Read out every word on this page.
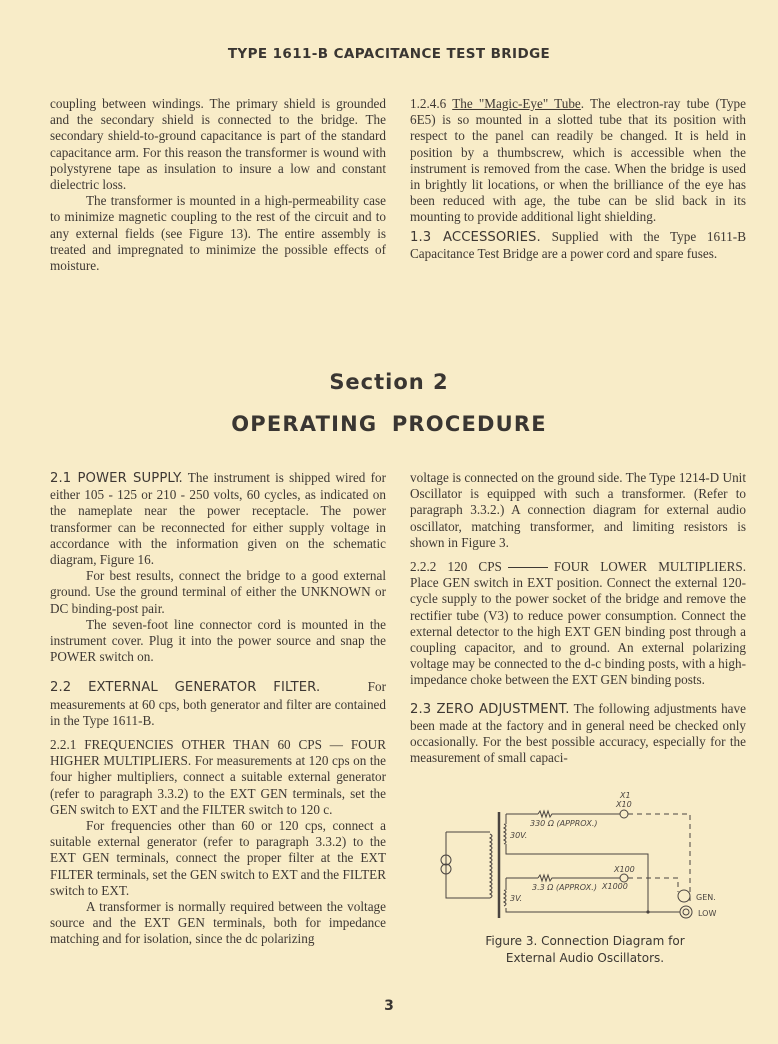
TYPE 1611-B CAPACITANCE TEST BRIDGE

coupling between windings. The primary shield is grounded and the secondary shield is connected to the bridge. The secondary shield-to-ground capacitance is part of the standard capacitance arm. For this reason the transformer is wound with polystyrene tape as insulation to insure a low and constant dielectric loss.

The transformer is mounted in a high-permeability case to minimize magnetic coupling to the rest of the circuit and to any external fields (see Figure 13). The entire assembly is treated and impregnated to minimize the possible effects of moisture.

1.2.4.6 The "Magic-Eye" Tube. The electron-ray tube (Type 6E5) is so mounted in a slotted tube that its position with respect to the panel can readily be changed. It is held in position by a thumbscrew, which is accessible when the instrument is removed from the case. When the bridge is used in brightly lit locations, or when the brilliance of the eye has been reduced with age, the tube can be slid back in its mounting to provide additional light shielding.

1.3 ACCESSORIES. Supplied with the Type 1611-B Capacitance Test Bridge are a power cord and spare fuses.

Section 2
OPERATING PROCEDURE

2.1 POWER SUPPLY. The instrument is shipped wired for either 105 - 125 or 210 - 250 volts, 60 cycles, as indicated on the nameplate near the power receptacle. The power transformer can be reconnected for either supply voltage in accordance with the information given on the schematic diagram, Figure 16.

For best results, connect the bridge to a good external ground. Use the ground terminal of either the UNKNOWN or DC binding-post pair.

The seven-foot line connector cord is mounted in the instrument cover. Plug it into the power source and snap the POWER switch on.

2.2 EXTERNAL GENERATOR FILTER.   For measurements at 60 cps, both generator and filter are contained in the Type 1611-B.

2.2.1 FREQUENCIES OTHER THAN 60 CPS — FOUR HIGHER MULTIPLIERS. For measurements at 120 cps on the four higher multipliers, connect a suitable external generator (refer to paragraph 3.3.2) to the EXT GEN terminals, set the GEN switch to EXT and the FILTER switch to 120 c.

For frequencies other than 60 or 120 cps, connect a suitable external generator (refer to paragraph 3.3.2) to the EXT GEN terminals, connect the proper filter at the EXT FILTER terminals, set the GEN switch to EXT and the FILTER switch to EXT.

A transformer is normally required between the voltage source and the EXT GEN terminals, both for impedance matching and for isolation, since the dc polarizing

voltage is connected on the ground side. The Type 1214-D Unit Oscillator is equipped with such a transformer. (Refer to paragraph 3.3.2.) A connection diagram for external audio oscillator, matching transformer, and limiting resistors is shown in Figure 3.

2.2.2 120 CPS	FOUR LOWER MULTIPLIERS. Place GEN switch in EXT position. Connect the external 120-cycle supply to the power socket of the bridge and remove the rectifier tube (V3) to reduce power consumption. Connect the external detector to the high EXT GEN binding post through a coupling capacitor, and to ground. An external polarizing voltage may be connected to the d-c binding posts, with a high-impedance choke between the EXT GEN binding posts.

2.3 ZERO ADJUSTMENT. The following adjustments have been made at the factory and in general need be checked only occasionally. For the best possible accuracy, especially for the measurement of small capaci-

X1
X10
330 Ω (APPROX.)
30V.
X100
X1000
3.3 Ω (APPROX.)
3V.	GEN.
LOW
Figure 3. Connection Diagram for
External Audio Oscillators.
3
